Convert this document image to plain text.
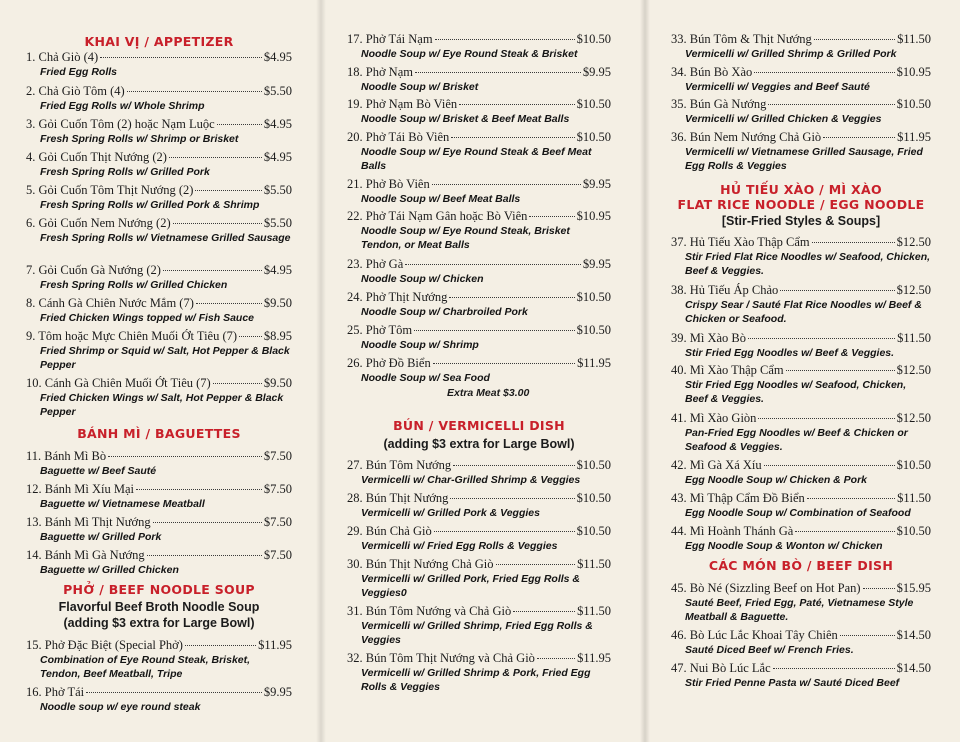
KHAI VỊ / APPETIZER
1. Chả Giò (4)	$4.95
Fried Egg Rolls
2. Chả Giò Tôm (4)	$5.50
Fried Egg Rolls w/ Whole Shrimp
3. Gỏi Cuốn Tôm (2) hoặc Nạm Luộc	$4.95
Fresh Spring Rolls w/ Shrimp or Brisket
4. Gỏi Cuốn Thịt Nướng (2)	$4.95
Fresh Spring Rolls w/ Grilled Pork
5. Gỏi Cuốn Tôm Thịt Nướng (2)	$5.50
Fresh Spring Rolls w/ Grilled Pork & Shrimp
6. Gỏi Cuốn Nem Nướng (2)	$5.50
Fresh Spring Rolls w/ Vietnamese Grilled Sausage
7. Gỏi Cuốn Gà Nướng (2)	$4.95
Fresh Spring Rolls w/ Grilled Chicken
8. Cánh Gà Chiên Nước Mắm (7)	$9.50
Fried Chicken Wings topped w/ Fish Sauce
9. Tôm hoặc Mực Chiên Muối Ớt Tiêu (7) $8.95
Fried Shrimp or Squid w/ Salt, Hot Pepper & Black Pepper
10. Cánh Gà Chiên Muối Ớt Tiêu (7)	$9.50
Fried Chicken Wings w/ Salt, Hot Pepper & Black Pepper
BÁNH MÌ / BAGUETTES
11. Bánh Mì Bò	$7.50
Baguette w/ Beef Sauté
12. Bánh Mì Xíu Mại	$7.50
Baguette w/ Vietnamese Meatball
13. Bánh Mì Thịt Nướng	$7.50
Baguette w/ Grilled Pork
14. Bánh Mì Gà Nướng	$7.50
Baguette w/ Grilled Chicken
PHỞ / BEEF NOODLE SOUP
Flavorful Beef Broth Noodle Soup
(adding $3 extra for Large Bowl)
15. Phở Đặc Biệt (Special Phở)	$11.95
Combination of Eye Round Steak, Brisket, Tendon, Beef Meatball, Tripe
16. Phở Tái	$9.95
Noodle soup w/ eye round steak
17. Phở Tái Nạm	$10.50
Noodle Soup w/ Eye Round Steak & Brisket
18. Phở Nạm	$9.95
Noodle Soup w/ Brisket
19. Phở Nạm Bò Viên	$10.50
Noodle Soup w/ Brisket & Beef Meat Balls
20. Phở Tái Bò Viên	$10.50
Noodle Soup w/ Eye Round Steak & Beef Meat Balls
21. Phở Bò Viên	$9.95
Noodle Soup w/ Beef Meat Balls
22. Phở Tái Nạm Gân hoặc Bò Viên	$10.95
Noodle Soup w/ Eye Round Steak, Brisket Tendon, or Meat Balls
23. Phở Gà	$9.95
Noodle Soup w/ Chicken
24. Phở Thịt Nướng	$10.50
Noodle Soup w/ Charbroiled Pork
25. Phở Tôm	$10.50
Noodle Soup w/ Shrimp
26. Phở Đồ Biển	$11.95
Noodle Soup w/ Sea Food
Extra Meat $3.00
BÚN / VERMICELLI DISH
(adding $3 extra for Large Bowl)
27. Bún Tôm Nướng	$10.50
Vermicelli w/ Char-Grilled Shrimp & Veggies
28. Bún Thịt Nướng	$10.50
Vermicelli w/ Grilled Pork & Veggies
29. Bún Chả Giò	$10.50
Vermicelli w/ Fried Egg Rolls & Veggies
30. Bún Thịt Nướng Chả Giò	$11.50
Vermicelli w/ Grilled Pork, Fried Egg Rolls & Veggies0
31. Bún Tôm Nướng và Chả Giò	$11.50
Vermicelli w/ Grilled Shrimp, Fried Egg Rolls & Veggies
32. Bún Tôm Thịt Nướng và Chả Giò	$11.95
Vermicelli w/ Grilled Shrimp & Pork, Fried Egg Rolls & Veggies
33. Bún Tôm & Thịt Nướng	$11.50
Vermicelli w/ Grilled Shrimp & Grilled Pork
34. Bún Bò Xào	$10.95
Vermicelli w/ Veggies and Beef Sauté
35. Bún Gà Nướng	$10.50
Vermicelli w/ Grilled Chicken & Veggies
36. Bún Nem Nướng Chả Giò	$11.95
Vermicelli w/ Vietnamese Grilled Sausage, Fried Egg Rolls & Veggies
HỦ TIẾU XÀO / MÌ XÀO
FLAT RICE NOODLE / EGG NOODLE
[Stir-Fried Styles & Soups]
37. Hủ Tiếu Xào Thập Cẩm	$12.50
Stir Fried Flat Rice Noodles w/ Seafood, Chicken, Beef & Veggies.
38. Hủ Tiếu Áp Chảo	$12.50
Crispy Sear / Sauté Flat Rice Noodles w/ Beef & Chicken or Seafood.
39. Mì Xào Bò	$11.50
Stir Fried Egg Noodles w/ Beef & Veggies.
40. Mì Xào Thập Cẩm	$12.50
Stir Fried Egg Noodles w/ Seafood, Chicken, Beef & Veggies.
41. Mì Xào Giòn	$12.50
Pan-Fried Egg Noodles w/ Beef & Chicken or Seafood & Veggies.
42. Mì Gà Xá Xíu	$10.50
Egg Noodle Soup w/ Chicken & Pork
43. Mì Thập Cẩm Đồ Biển	$11.50
Egg Noodle Soup w/ Combination of Seafood
44. Mì Hoành Thánh Gà	$10.50
Egg Noodle Soup & Wonton w/ Chicken
CÁC MÓN BÒ / BEEF DISH
45. Bò Né (Sizzling Beef on Hot Pan)	$15.95
Sauté Beef, Fried Egg, Paté, Vietnamese Style Meatball & Baguette.
46. Bò Lúc Lắc Khoai Tây Chiên	$14.50
Sauté Diced Beef w/ French Fries.
47. Nui Bò Lúc Lắc	$14.50
Stir Fried Penne Pasta w/ Sauté Diced Beef
